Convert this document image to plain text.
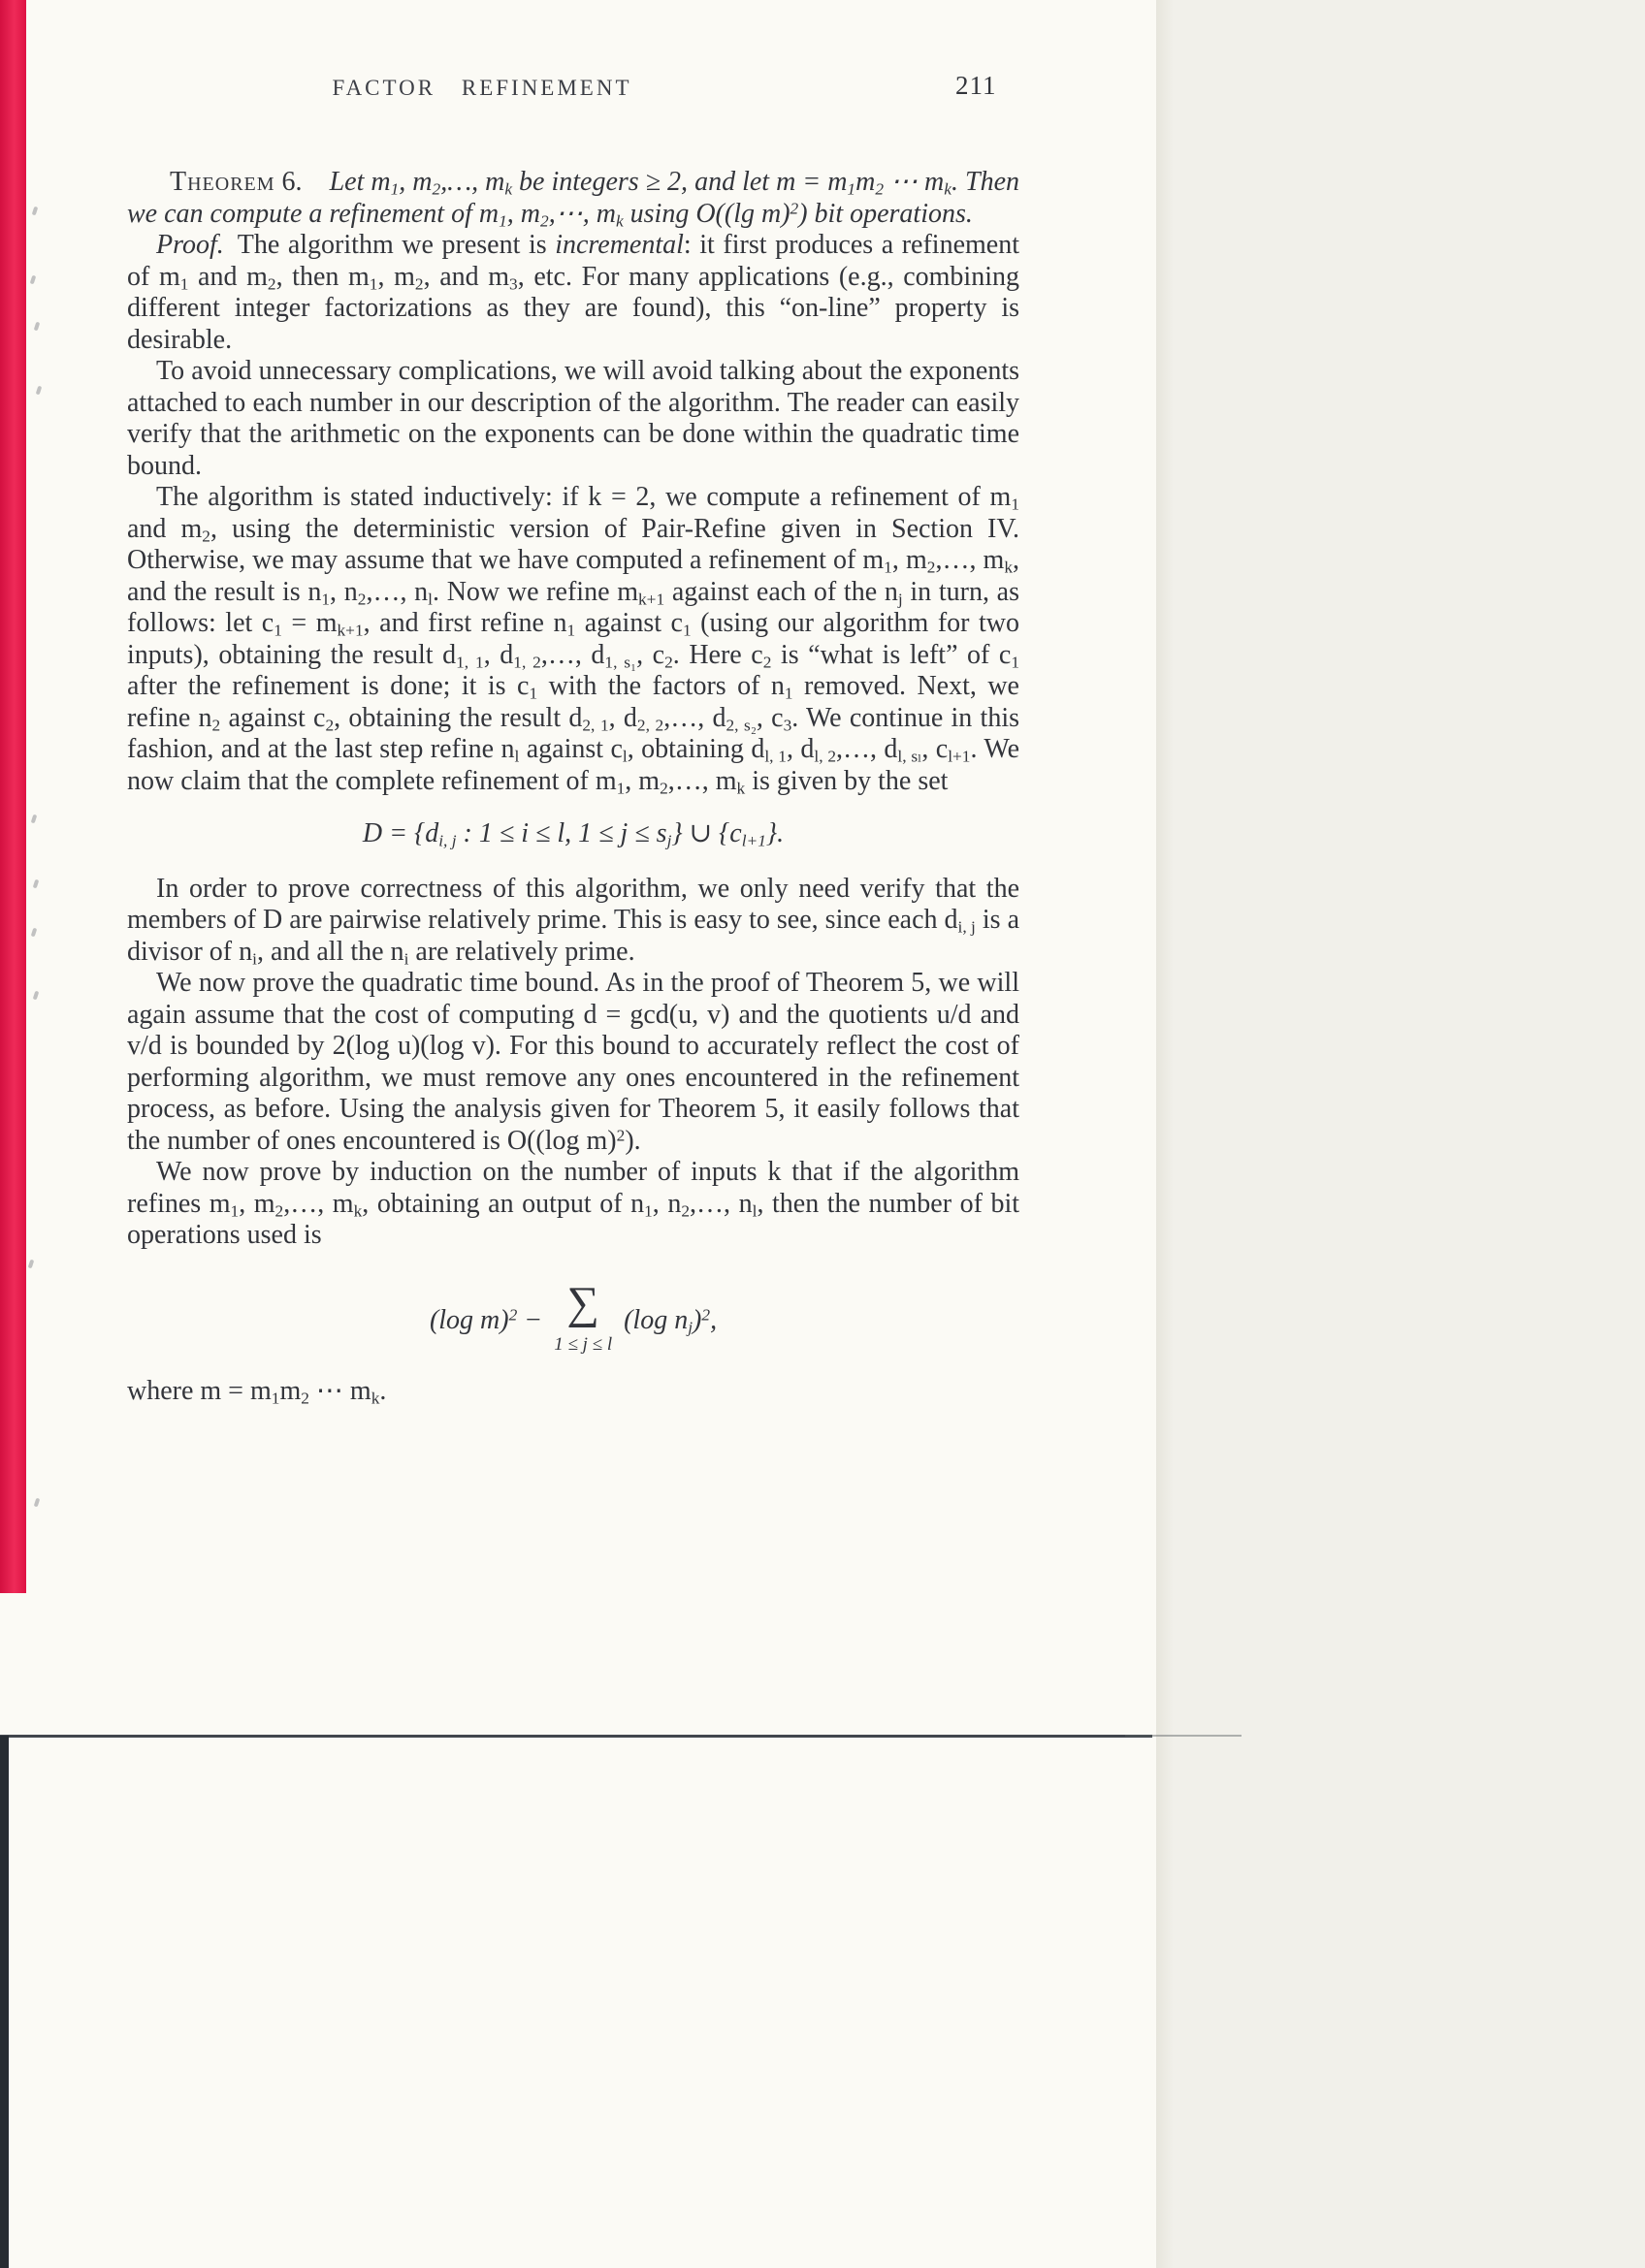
FACTOR REFINEMENT	211

Theorem 6.  Let $m_1$, $m_2,\dots$, $m_k$ be integers ≥ 2, and let $m = m_1m_2$ ⋯ $m_k$. Then we can compute a refinement of $m_1$, $m_2,\cdots$, $m_k$ using O((lg m)$^2$) bit operations.

Proof. The algorithm we present is incremental: it first produces a refinement of $m_1$ and $m_2$, then $m_1$, $m_2$, and $m_3$, etc. For many applications (e.g., combining different integer factorizations as they are found), this “on-line” property is desirable.

To avoid unnecessary complications, we will avoid talking about the exponents attached to each number in our description of the algorithm. The reader can easily verify that the arithmetic on the exponents can be done within the quadratic time bound.

The algorithm is stated inductively: if k = 2, we compute a refinement of $m_1$ and $m_2$, using the deterministic version of Pair-Refine given in Section IV. Otherwise, we may assume that we have computed a refinement of $m_1$, $m_2,\dots$, $m_k$, and the result is $n_1$, $n_2,\dots$, $n_l$. Now we refine $m_{k+1}$ against each of the $n_j$ in turn, as follows: let $c_1 = m_{k+1}$, and first refine $n_1$ against $c_1$ (using our algorithm for two inputs), obtaining the result $d_{1, 1}$, $d_{1, 2},\dots$, $d_{1, s_1}$, $c_2$. Here $c_2$ is “what is left” of $c_1$ after the refinement is done; it is $c_1$ with the factors of $n_1$ removed. Next, we refine $n_2$ against $c_2$, obtaining the result $d_{2, 1}$, $d_{2, 2},\dots$, $d_{2, s_2}$, $c_3$. We continue in this fashion, and at the last step refine $n_l$ against $c_l$, obtaining $d_{l, 1}$, $d_{l, 2},\dots$, $d_{l, s_l}$, $c_{l+1}$. We now claim that the complete refinement of $m_1$, $m_2,\dots$, $m_k$ is given by the set

$D = \{d_{i, j}$ : 1 ≤ i ≤ l, $1 \le j \le s_j$} ∪ $\{c_{l+1}\}$.

In order to prove correctness of this algorithm, we only need verify that the members of D are pairwise relatively prime. This is easy to see, since each $d_{i, j}$ is a divisor of $n_i$, and all the $n_i$ are relatively prime.

We now prove the quadratic time bound. As in the proof of Theorem 5, we will again assume that the cost of computing d = gcd(u, v) and the quotients u/d and v/d is bounded by 2(log u)(log v). For this bound to accurately reflect the cost of performing algorithm, we must remove any ones encountered in the refinement process, as before. Using the analysis given for Theorem 5, it easily follows that the number of ones encountered is O((log m)$^2$).

We now prove by induction on the number of inputs k that if the algorithm refines $m_1$, $m_2,\dots$, $m_k$, obtaining an output of $n_1$, $n_2,\dots$, $n_l$, then the number of bit operations used is

(log m)$^2$ − ∑
1 ≤ j ≤ l
(log $n_j)^2$,

where $m = m_1m_2$ ⋯ $m_k$.
